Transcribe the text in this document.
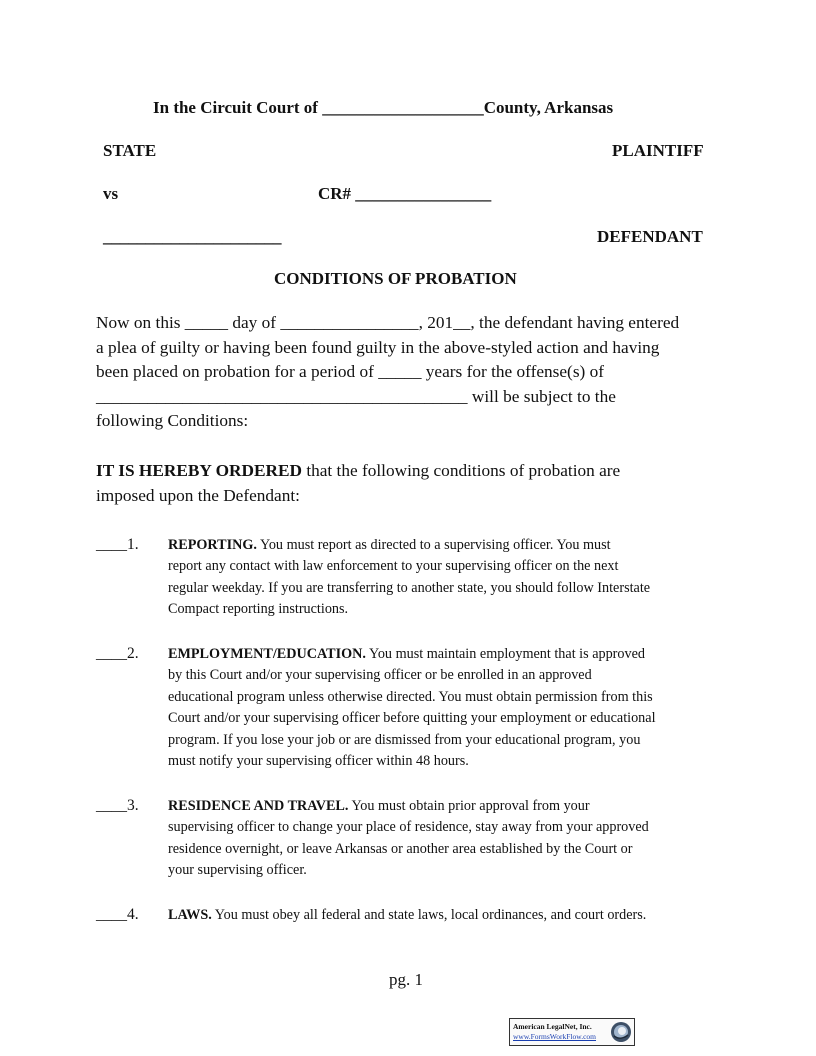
In the Circuit Court of ___________________County, Arkansas
STATE	PLAINTIFF
vs	CR# ________________
_____________________	DEFENDANT
CONDITIONS OF PROBATION
Now on this _____ day of ________________, 201__, the defendant having entered
a plea of guilty or having been found guilty in the above-styled action and having
been placed on probation for a period of _____ years for the offense(s) of
___________________________________________ will be subject to the
following Conditions:
IT IS HEREBY ORDERED that the following conditions of probation are
imposed upon the Defendant:
____1. REPORTING. You must report as directed to a supervising officer. You must
report any contact with law enforcement to your supervising officer on the next
regular weekday. If you are transferring to another state, you should follow Interstate
Compact reporting instructions.
____2. EMPLOYMENT/EDUCATION. You must maintain employment that is approved
by this Court and/or your supervising officer or be enrolled in an approved
educational program unless otherwise directed. You must obtain permission from this
Court and/or your supervising officer before quitting your employment or educational
program. If you lose your job or are dismissed from your educational program, you
must notify your supervising officer within 48 hours.
____3. RESIDENCE AND TRAVEL. You must obtain prior approval from your
supervising officer to change your place of residence, stay away from your approved
residence overnight, or leave Arkansas or another area established by the Court or
your supervising officer.
____4. LAWS. You must obey all federal and state laws, local ordinances, and court orders.
pg. 1
American LegalNet, Inc.
www.FormsWorkFlow.com
